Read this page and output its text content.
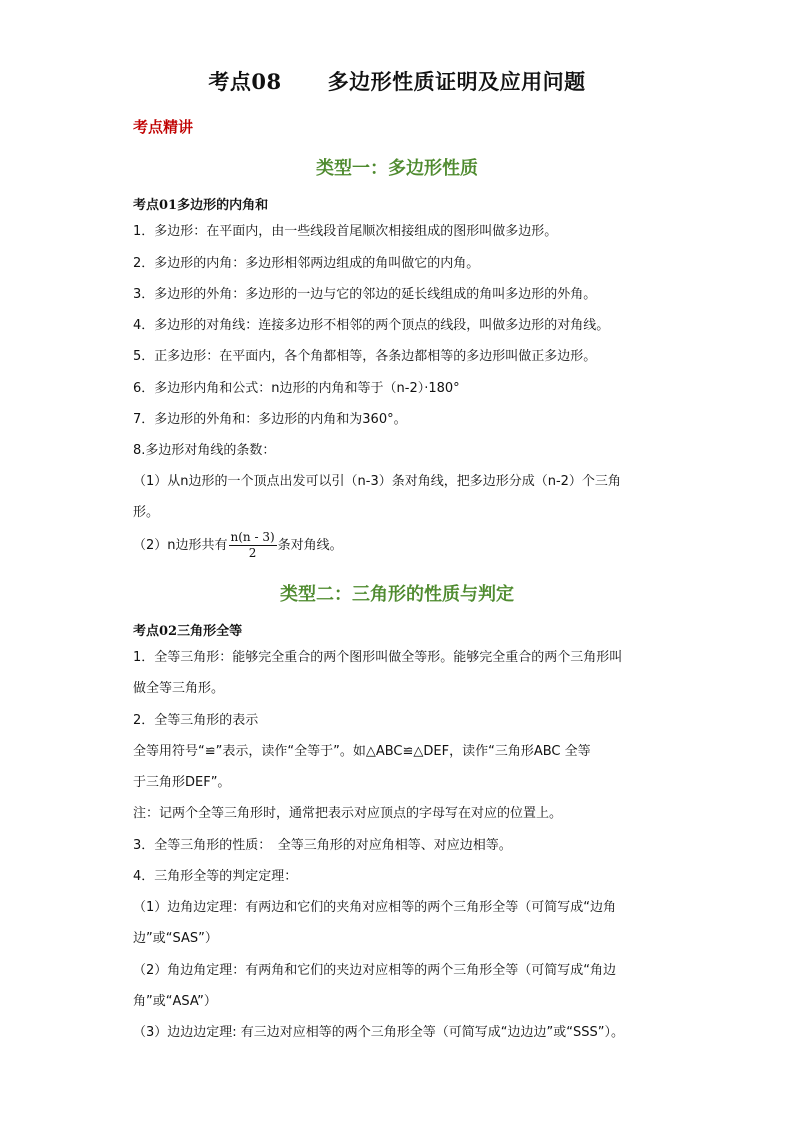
考点08 多边形性质证明及应用问题
考点精讲
类型一：多边形性质
考点01多边形的内角和
1．多边形：在平面内，由一些线段首尾顺次相接组成的图形叫做多边形。
2．多边形的内角：多边形相邻两边组成的角叫做它的内角。
3．多边形的外角：多边形的一边与它的邻边的延长线组成的角叫多边形的外角。
4．多边形的对角线：连接多边形不相邻的两个顶点的线段，叫做多边形的对角线。
5．正多边形：在平面内，各个角都相等，各条边都相等的多边形叫做正多边形。
6．多边形内角和公式：n边形的内角和等于（n-2）·180°
7．多边形的外角和：多边形的内角和为360°。
8.多边形对角线的条数：
（1）从n边形的一个顶点出发可以引（n-3）条对角线，把多边形分成（n-2）个三角
形。
（2）n边形共有 $\frac{n(n - 3)}{2}$ 条对角线。
类型二：三角形的性质与判定
考点02三角形全等
1．全等三角形：能够完全重合的两个图形叫做全等形。能够完全重合的两个三角形叫
做全等三角形。
2．全等三角形的表示
全等用符号“≌”表示，读作“全等于”。如△ABC≌△DEF，读作“三角形ABC 全等
于三角形DEF”。
注：记两个全等三角形时，通常把表示对应顶点的字母写在对应的位置上。
3．全等三角形的性质：　全等三角形的对应角相等、对应边相等。
4．三角形全等的判定定理：
（1）边角边定理：有两边和它们的夹角对应相等的两个三角形全等（可简写成“边角
边”或“SAS”）
（2）角边角定理：有两角和它们的夹边对应相等的两个三角形全等（可简写成“角边
角”或“ASA”）
（3）边边边定理: 有三边对应相等的两个三角形全等（可简写成“边边边”或“SSS”）。
